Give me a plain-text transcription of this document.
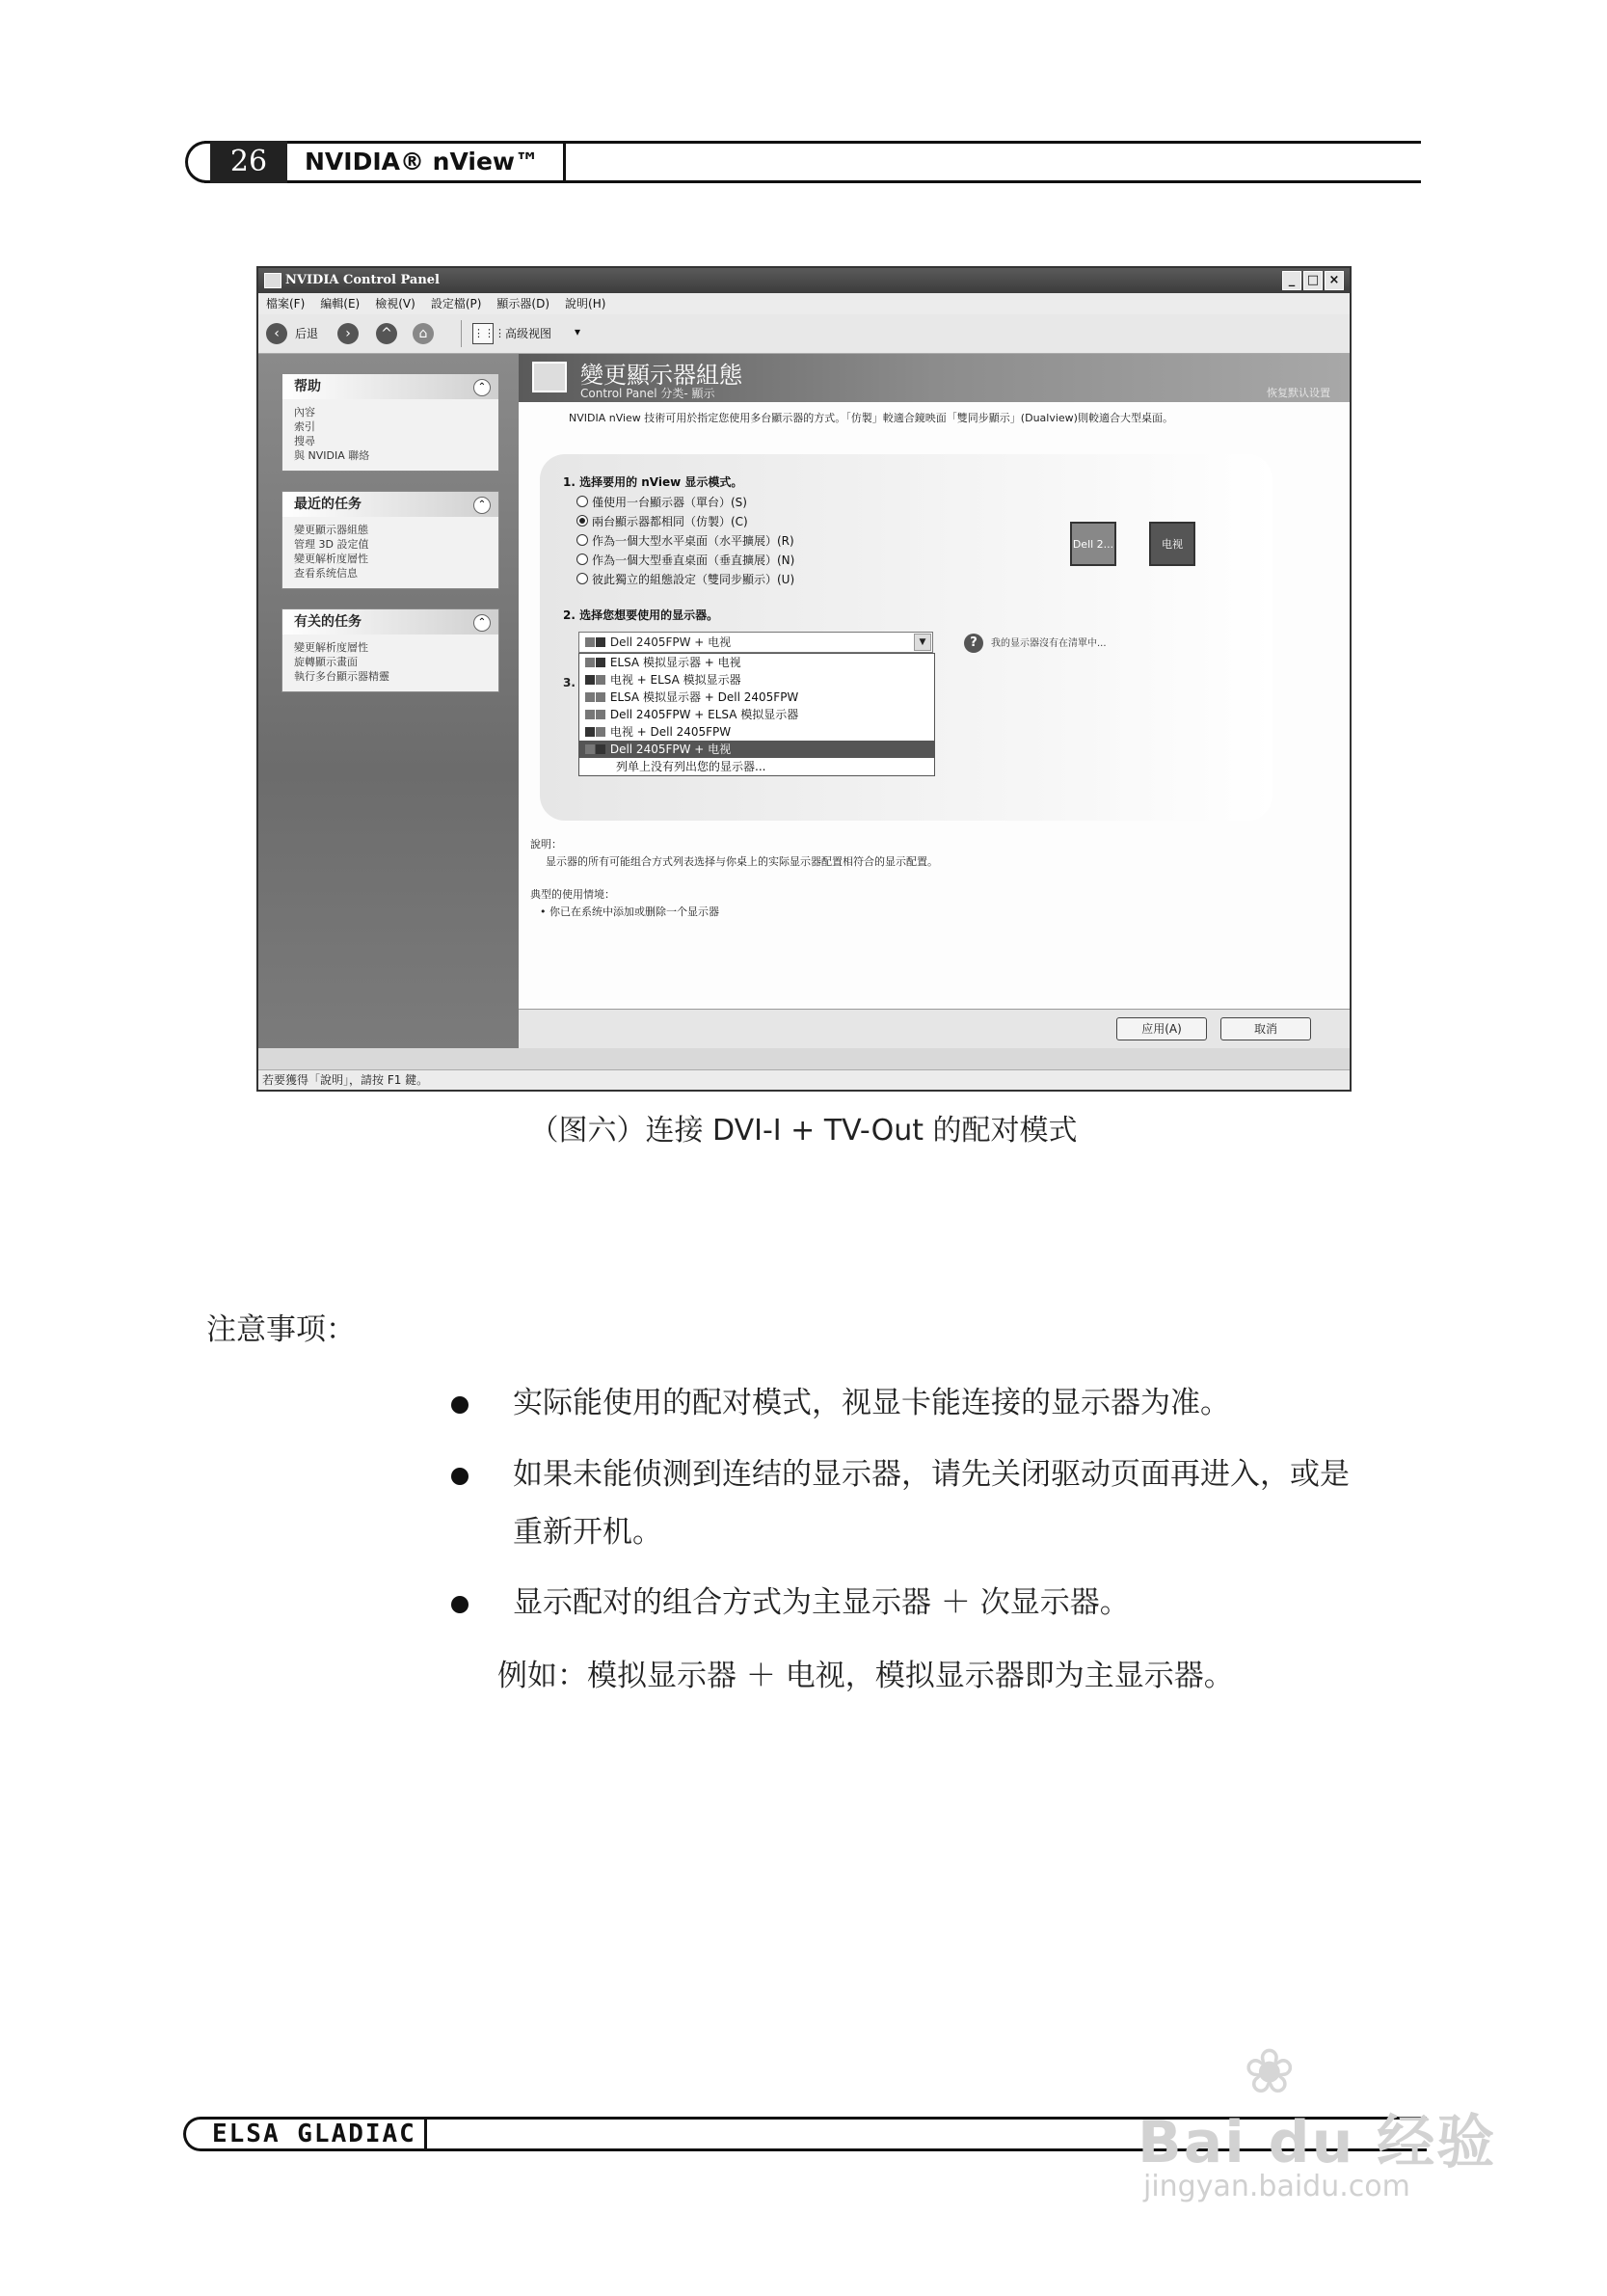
26	NVIDIA® nView™
NVIDIA Control Panel	_ □ ×
檔案(F) 編輯(E) 檢視(V) 設定檔(P) 顯示器(D) 說明(H)
‹	后退	›	^	⌂	⋮⋮⋮ 高级视图 ▾
帮助	⌃
內容
索引
搜尋
與 NVIDIA 聯絡
最近的任务	⌃
變更顯示器組態
管理 3D 設定值
變更解析度層性
查看系统信息
有关的任务	⌃
變更解析度層性
旋轉顯示畫面
執行多台顯示器精靈
變更顯示器組態
Control Panel 分类- 顯示	恢复默认设置
NVIDIA nView 技術可用於指定您使用多台顯示器的方式。「仿製」較適合鏡映面「雙同步顯示」(Dualview)則較適合大型桌面。
1. 选择要用的 nView 显示模式。
僅使用一台顯示器（單台）(S)
兩台顯示器都相同（仿製）(C)
作為一個大型水平桌面（水平擴展）(R)
作為一個大型垂直桌面（垂直擴展）(N)
彼此獨立的組態設定（雙同步顯示）(U)
Dell 2...	电视
2. 选择您想要使用的显示器。
Dell 2405FPW + 电视	▼	? 我的显示器沒有在清單中...
3.
ELSA 模拟显示器 + 电视
电视 + ELSA 模拟显示器
ELSA 模拟显示器 + Dell 2405FPW
Dell 2405FPW + ELSA 模拟显示器
电视 + Dell 2405FPW
Dell 2405FPW + 电视
列单上没有列出您的显示器...
說明：
显示器的所有可能组合方式列表选择与你桌上的实际显示器配置相符合的显示配置。
典型的使用情境：
• 你已在系统中添加或删除一个显示器
应用(A)	取消
若要獲得「說明」，請按 F1 鍵。
（图六）连接 DVI-I + TV-Out 的配对模式
注意事项：
实际能使用的配对模式，视显卡能连接的显示器为准。
如果未能侦测到连结的显示器，请先关闭驱动页面再进入，或是
重新开机。
显示配对的组合方式为主显示器 ＋ 次显示器。
例如：模拟显示器 ＋ 电视，模拟显示器即为主显示器。
ELSA GLADIAC
❀
Bai du 经验
jingyan.baidu.com
